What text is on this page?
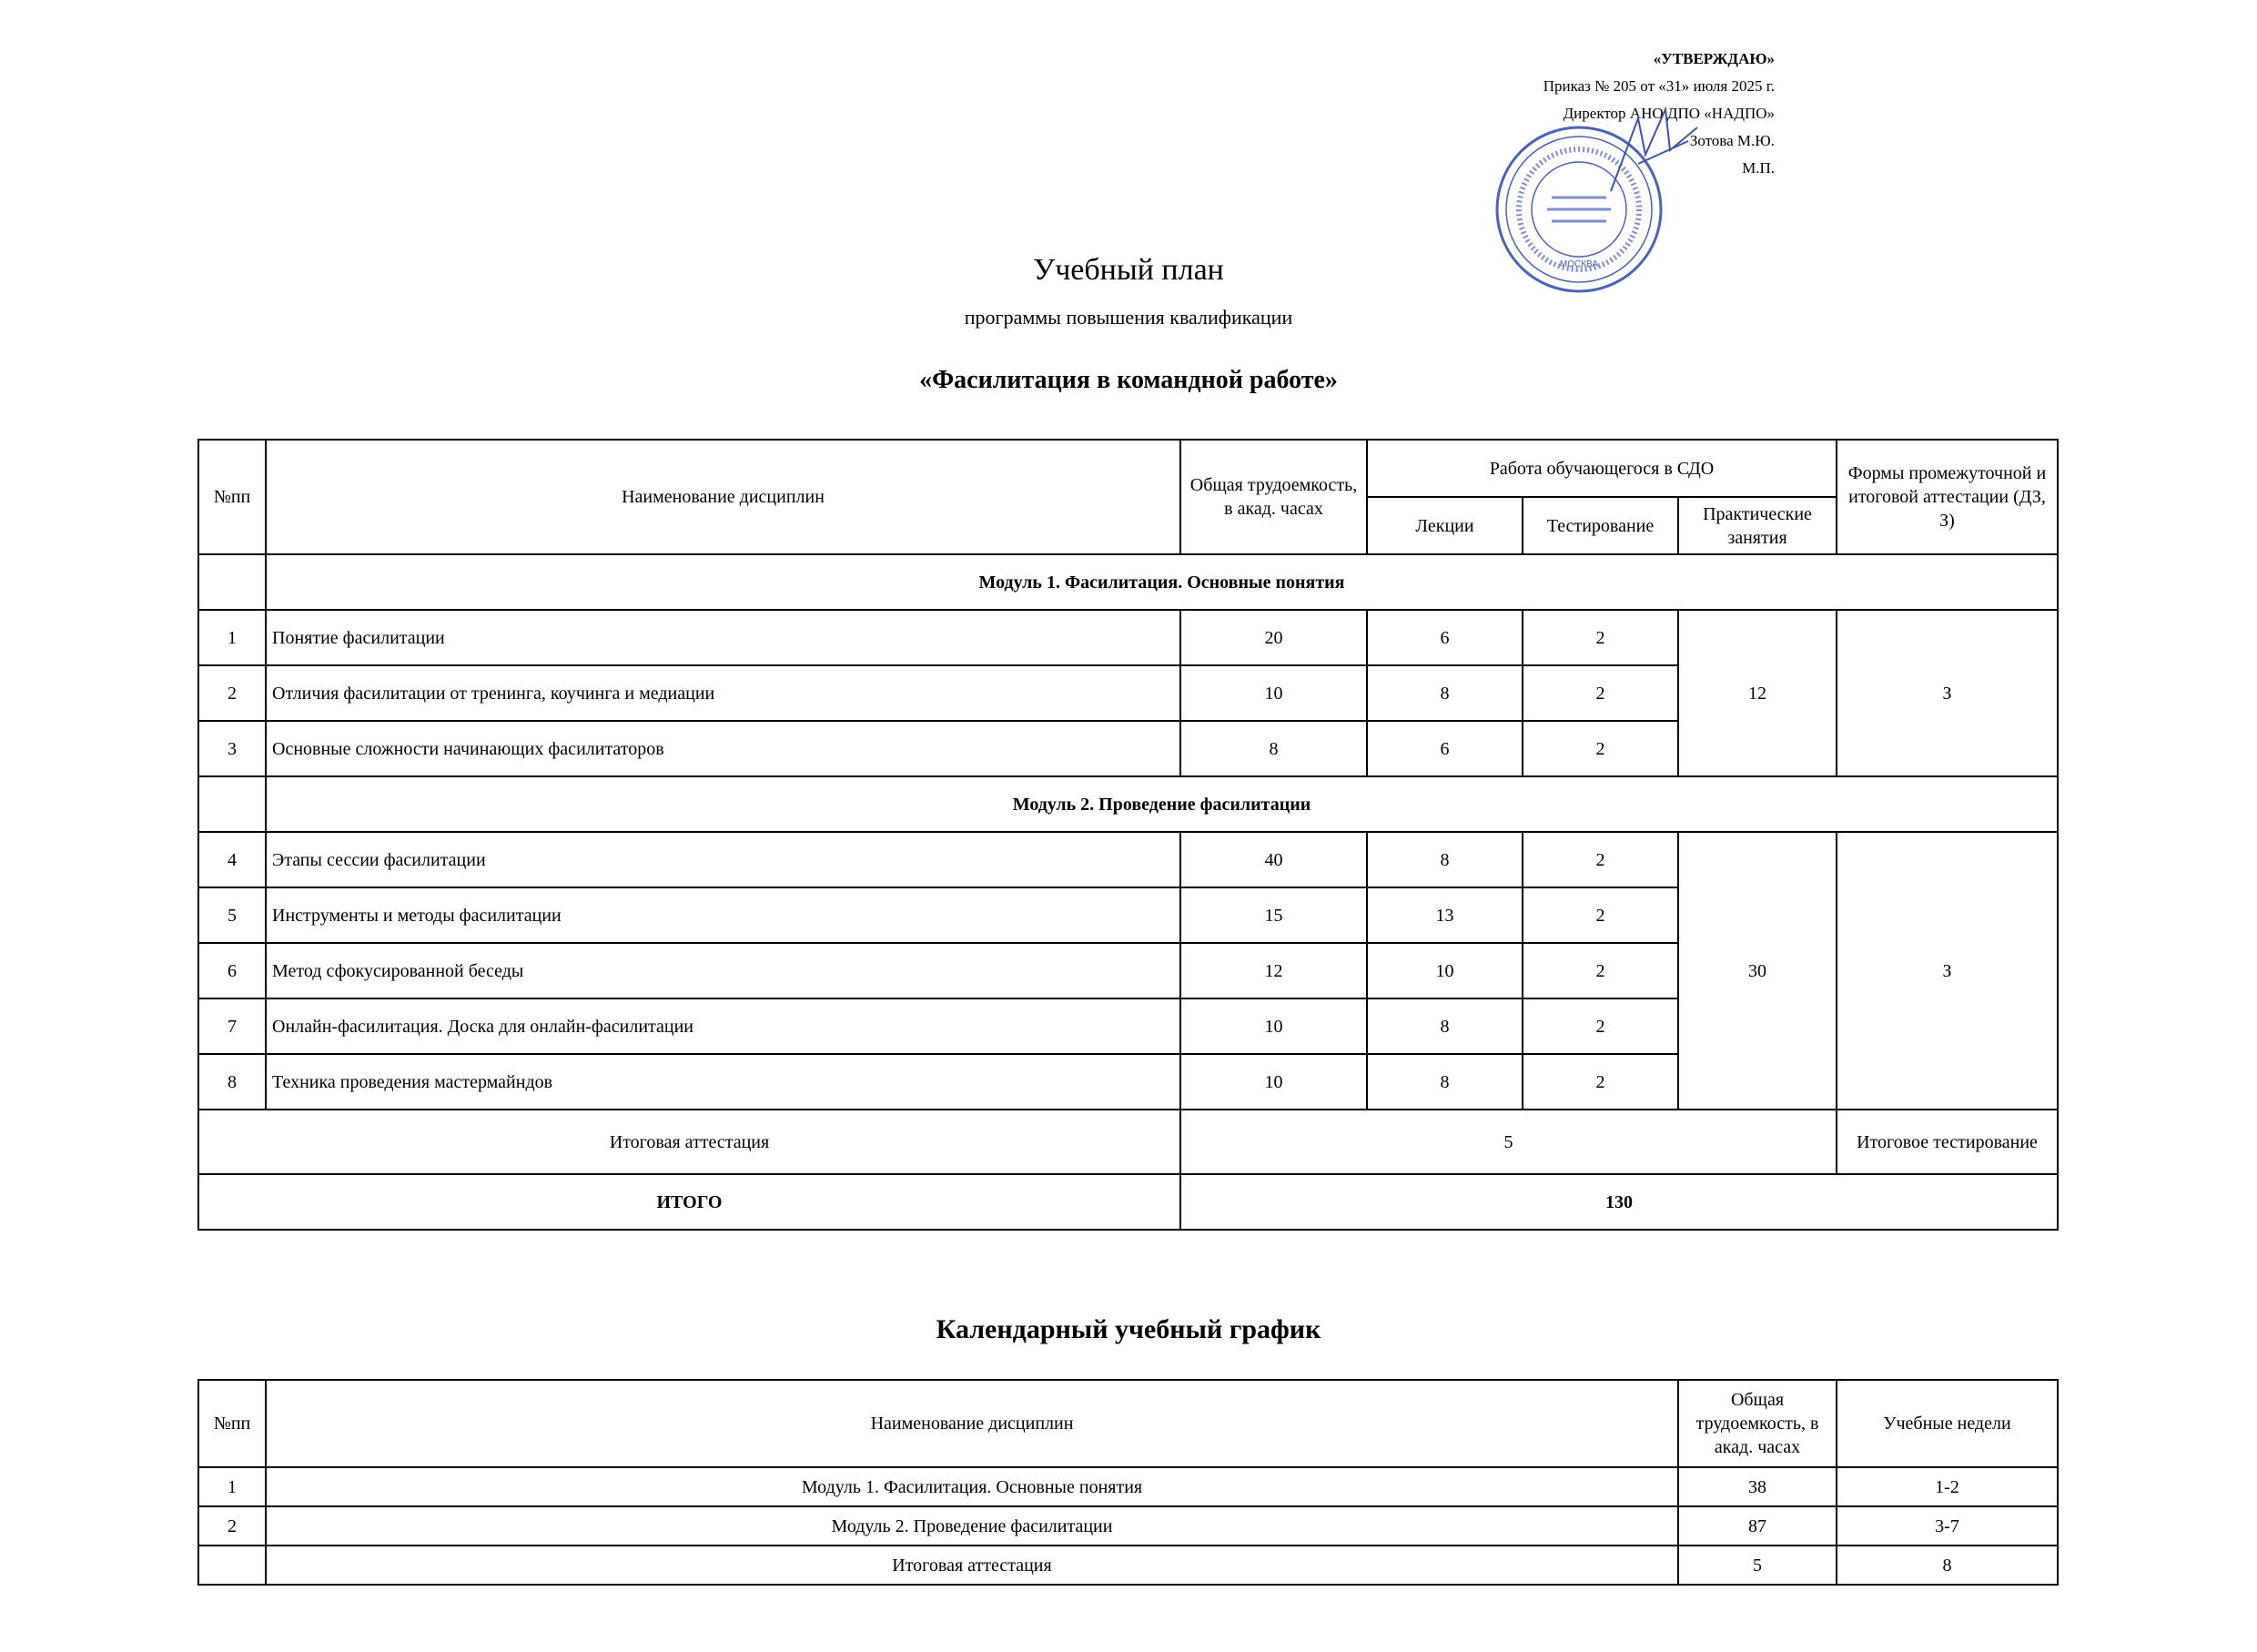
«УТВЕРЖДАЮ»
Приказ № 205 от «31» июля 2025 г.
Директор АНО ДПО «НАДПО»
Зотова М.Ю.
М.П.
МОСКВА
Учебный план
программы повышения квалификации
«Фасилитация в командной работе»
№пп	Наименование дисциплин	Общая трудоемкость, в акад. часах	Работа обучающегося в СДО			Формы промежуточной и итоговой аттестации (ДЗ, З)
			Лекции	Тестирование	Практические занятия	
	Модуль 1. Фасилитация. Основные понятия					
1	Понятие фасилитации	20	6	2	12	З
2	Отличия фасилитации от тренинга, коучинга и медиации	10	8	2		
3	Основные сложности начинающих фасилитаторов	8	6	2		
	Модуль 2. Проведение фасилитации					
4	Этапы сессии фасилитации	40	8	2	30	З
5	Инструменты и методы фасилитации	15	13	2		
6	Метод сфокусированной беседы	12	10	2		
7	Онлайн-фасилитация. Доска для онлайн-фасилитации	10	8	2		
8	Техника проведения мастермайндов	10	8	2		
Итоговая аттестация		5				Итоговое тестирование
ИТОГО		130				
Календарный учебный график
№пп	Наименование дисциплин	Общая трудоемкость, в акад. часах	Учебные недели
1	Модуль 1. Фасилитация. Основные понятия	38	1-2
2	Модуль 2. Проведение фасилитации	87	3-7
	Итоговая аттестация	5	8
